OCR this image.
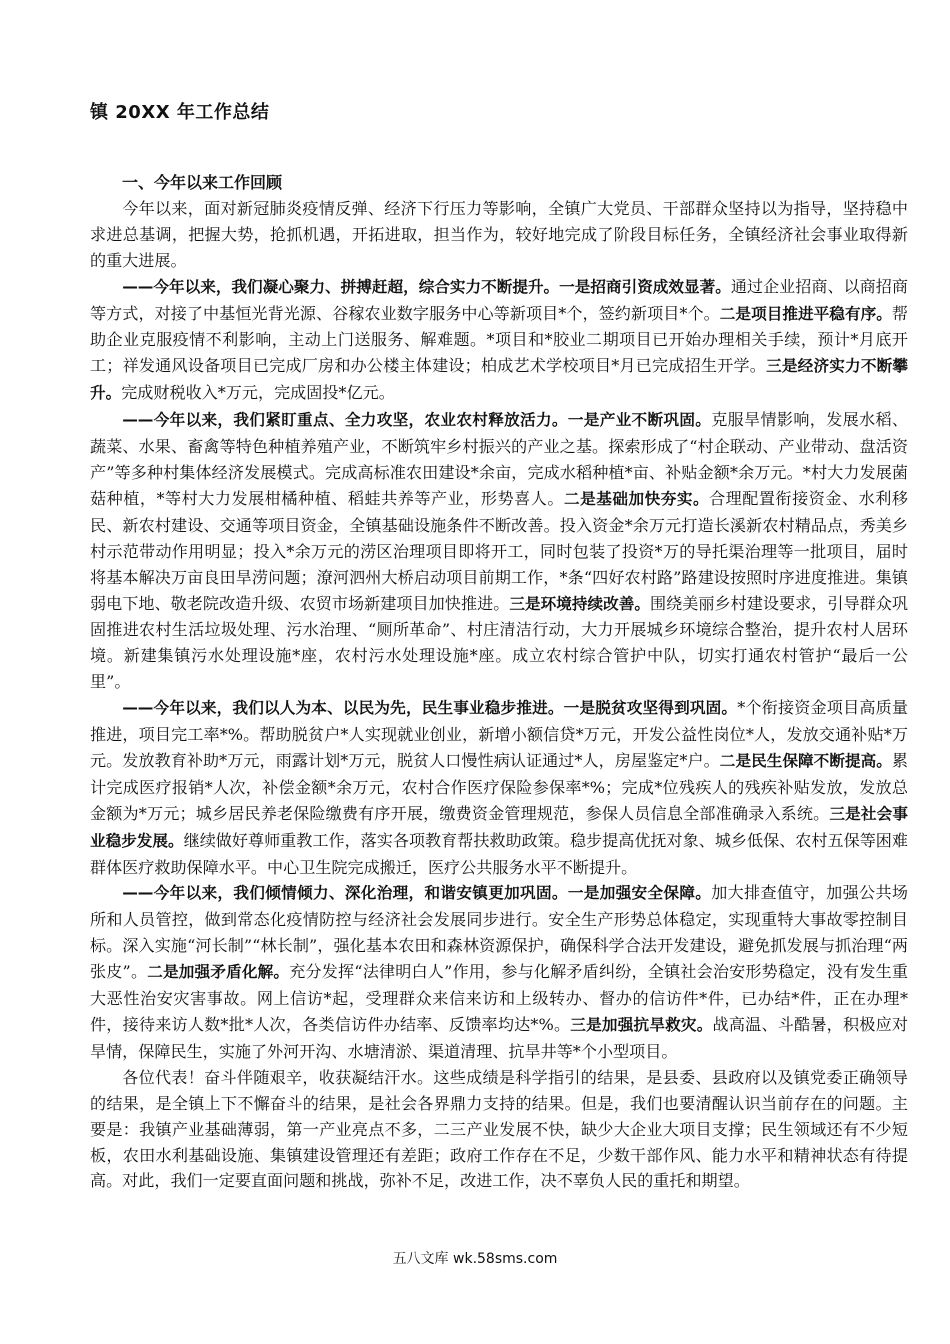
镇 20XX 年工作总结

一、今年以来工作回顾

今年以来，面对新冠肺炎疫情反弹、经济下行压力等影响，全镇广大党员、干部群众坚持以为指导，坚持稳中求进总基调，把握大势，抢抓机遇，开拓进取，担当作为，较好地完成了阶段目标任务，全镇经济社会事业取得新的重大进展。

——今年以来，我们凝心聚力、拼搏赶超，综合实力不断提升。一是招商引资成效显著。通过企业招商、以商招商等方式，对接了中基恒光背光源、谷稼农业数字服务中心等新项目*个，签约新项目*个。二是项目推进平稳有序。帮助企业克服疫情不利影响，主动上门送服务、解难题。*项目和*胶业二期项目已开始办理相关手续，预计*月底开工；祥发通风设备项目已完成厂房和办公楼主体建设；柏成艺术学校项目*月已完成招生开学。三是经济实力不断攀升。完成财税收入*万元，完成固投*亿元。

——今年以来，我们紧盯重点、全力攻坚，农业农村释放活力。一是产业不断巩固。克服旱情影响，发展水稻、蔬菜、水果、畜禽等特色种植养殖产业，不断筑牢乡村振兴的产业之基。探索形成了“村企联动、产业带动、盘活资产”等多种村集体经济发展模式。完成高标准农田建设*余亩，完成水稻种植*亩、补贴金额*余万元。*村大力发展菌菇种植，*等村大力发展柑橘种植、稻蛙共养等产业，形势喜人。二是基础加快夯实。合理配置衔接资金、水利移民、新农村建设、交通等项目资金，全镇基础设施条件不断改善。投入资金*余万元打造长溪新农村精品点，秀美乡村示范带动作用明显；投入*余万元的涝区治理项目即将开工，同时包装了投资*万的导托渠治理等一批项目，届时将基本解决万亩良田旱涝问题；潦河泗州大桥启动项目前期工作，*条“四好农村路”路建设按照时序进度推进。集镇弱电下地、敬老院改造升级、农贸市场新建项目加快推进。三是环境持续改善。围绕美丽乡村建设要求，引导群众巩固推进农村生活垃圾处理、污水治理、“厕所革命”、村庄清洁行动，大力开展城乡环境综合整治，提升农村人居环境。新建集镇污水处理设施*座，农村污水处理设施*座。成立农村综合管护中队，切实打通农村管护“最后一公里”。

——今年以来，我们以人为本、以民为先，民生事业稳步推进。一是脱贫攻坚得到巩固。*个衔接资金项目高质量推进，项目完工率*%。帮助脱贫户*人实现就业创业，新增小额信贷*万元，开发公益性岗位*人，发放交通补贴*万元。发放教育补助*万元，雨露计划*万元，脱贫人口慢性病认证通过*人，房屋鉴定*户。二是民生保障不断提高。累计完成医疗报销*人次，补偿金额*余万元，农村合作医疗保险参保率*%；完成*位残疾人的残疾补贴发放，发放总金额为*万元；城乡居民养老保险缴费有序开展，缴费资金管理规范，参保人员信息全部准确录入系统。三是社会事业稳步发展。继续做好尊师重教工作，落实各项教育帮扶救助政策。稳步提高优抚对象、城乡低保、农村五保等困难群体医疗救助保障水平。中心卫生院完成搬迁，医疗公共服务水平不断提升。

——今年以来，我们倾情倾力、深化治理，和谐安镇更加巩固。一是加强安全保障。加大排查值守，加强公共场所和人员管控，做到常态化疫情防控与经济社会发展同步进行。安全生产形势总体稳定，实现重特大事故零控制目标。深入实施“河长制”“林长制”，强化基本农田和森林资源保护，确保科学合法开发建设，避免抓发展与抓治理“两张皮”。二是加强矛盾化解。充分发挥“法律明白人”作用，参与化解矛盾纠纷，全镇社会治安形势稳定，没有发生重大恶性治安灾害事故。网上信访*起，受理群众来信来访和上级转办、督办的信访件*件，已办结*件，正在办理*件，接待来访人数*批*人次，各类信访件办结率、反馈率均达*%。三是加强抗旱救灾。战高温、斗酷暑，积极应对旱情，保障民生，实施了外河开沟、水塘清淤、渠道清理、抗旱井等*个小型项目。

各位代表！奋斗伴随艰辛，收获凝结汗水。这些成绩是科学指引的结果，是县委、县政府以及镇党委正确领导的结果，是全镇上下不懈奋斗的结果，是社会各界鼎力支持的结果。但是，我们也要清醒认识当前存在的问题。主要是：我镇产业基础薄弱，第一产业亮点不多，二三产业发展不快，缺少大企业大项目支撑；民生领域还有不少短板，农田水利基础设施、集镇建设管理还有差距；政府工作存在不足，少数干部作风、能力水平和精神状态有待提高。对此，我们一定要直面问题和挑战，弥补不足，改进工作，决不辜负人民的重托和期望。

五八文库 wk.58sms.com
